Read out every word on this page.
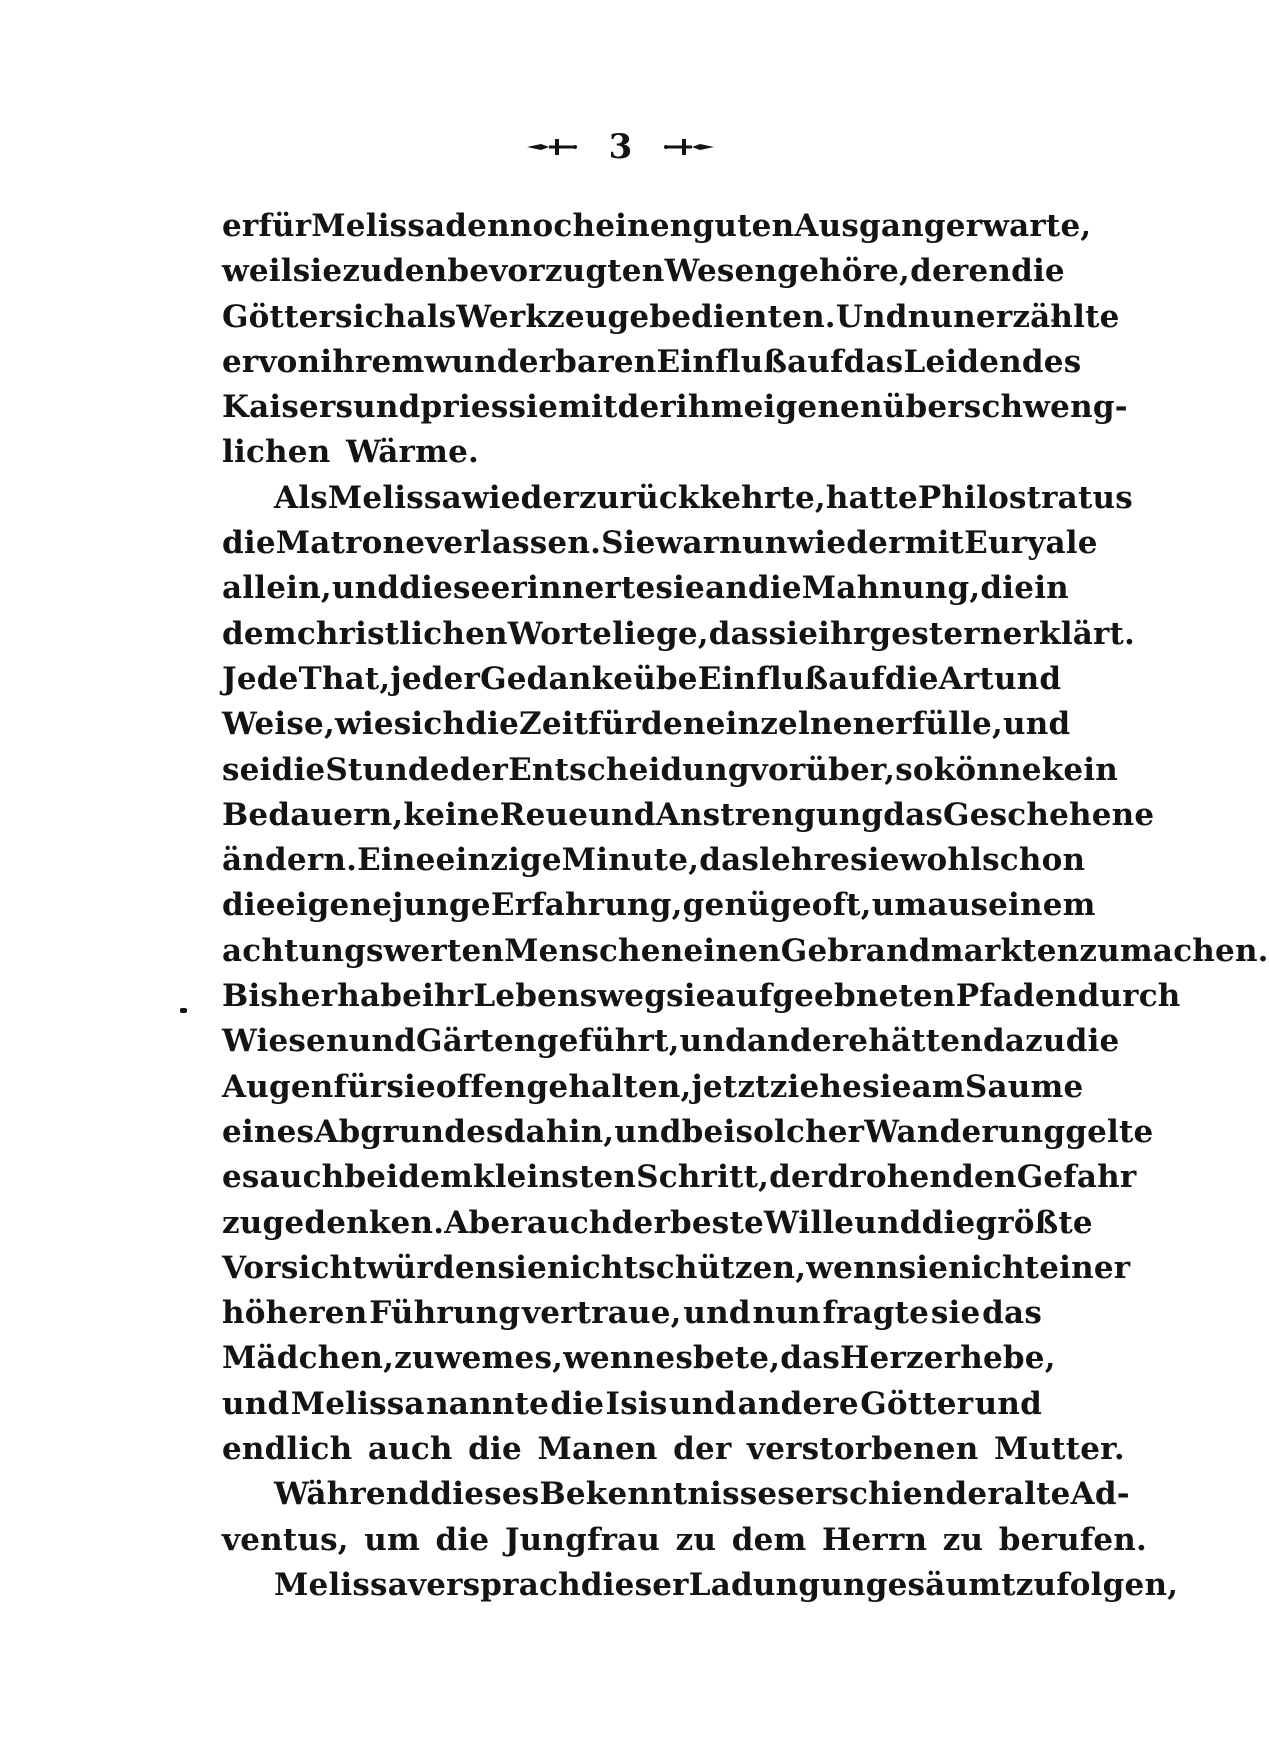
3
er für Melissa dennoch einen guten Ausgang erwarte,
weil sie zu den bevorzugten Wesen gehöre, deren die
Götter sich als Werkzeuge bedienten. Und nun erzählte
er von ihrem wunderbaren Einfluß auf das Leiden des
Kaisers und pries sie mit der ihm eigenen überschweng-
lichen Wärme.
Als Melissa wieder zurückkehrte, hatte Philostratus
die Matrone verlassen. Sie war nun wieder mit Euryale
allein, und diese erinnerte sie an die Mahnung, die in
dem christlichen Worte liege, das sie ihr gestern erklärt.
Jede That, jeder Gedanke übe Einfluß auf die Art und
Weise, wie sich die Zeit für den einzelnen erfülle, und
sei die Stunde der Entscheidung vorüber, so könne kein
Bedauern, keine Reue und Anstrengung das Geschehene
ändern. Eine einzige Minute, das lehre sie wohl schon
die eigene junge Erfahrung, genüge oft, um aus einem
achtungswerten Menschen einen Gebrandmarkten zu machen.
Bisher habe ihr Lebensweg sie auf geebneten Pfaden durch
Wiesen und Gärten geführt, und andere hätten dazu die
Augen für sie offen gehalten, jetzt ziehe sie am Saume
eines Abgrundes dahin, und bei solcher Wanderung gelte
es auch bei dem kleinsten Schritt, der drohenden Gefahr
zu gedenken. Aber auch der beste Wille und die größte
Vorsicht würden sie nicht schützen, wenn sie nicht einer
höheren Führung vertraue, und nun fragte sie das
Mädchen, zu wem es, wenn es bete, das Herz erhebe,
und Melissa nannte die Isis und andere Götter und
endlich auch die Manen der verstorbenen Mutter.
Während dieses Bekenntnisses erschien der alte Ad-
ventus, um die Jungfrau zu dem Herrn zu berufen.
Melissa versprach dieser Ladung ungesäumt zu folgen,
